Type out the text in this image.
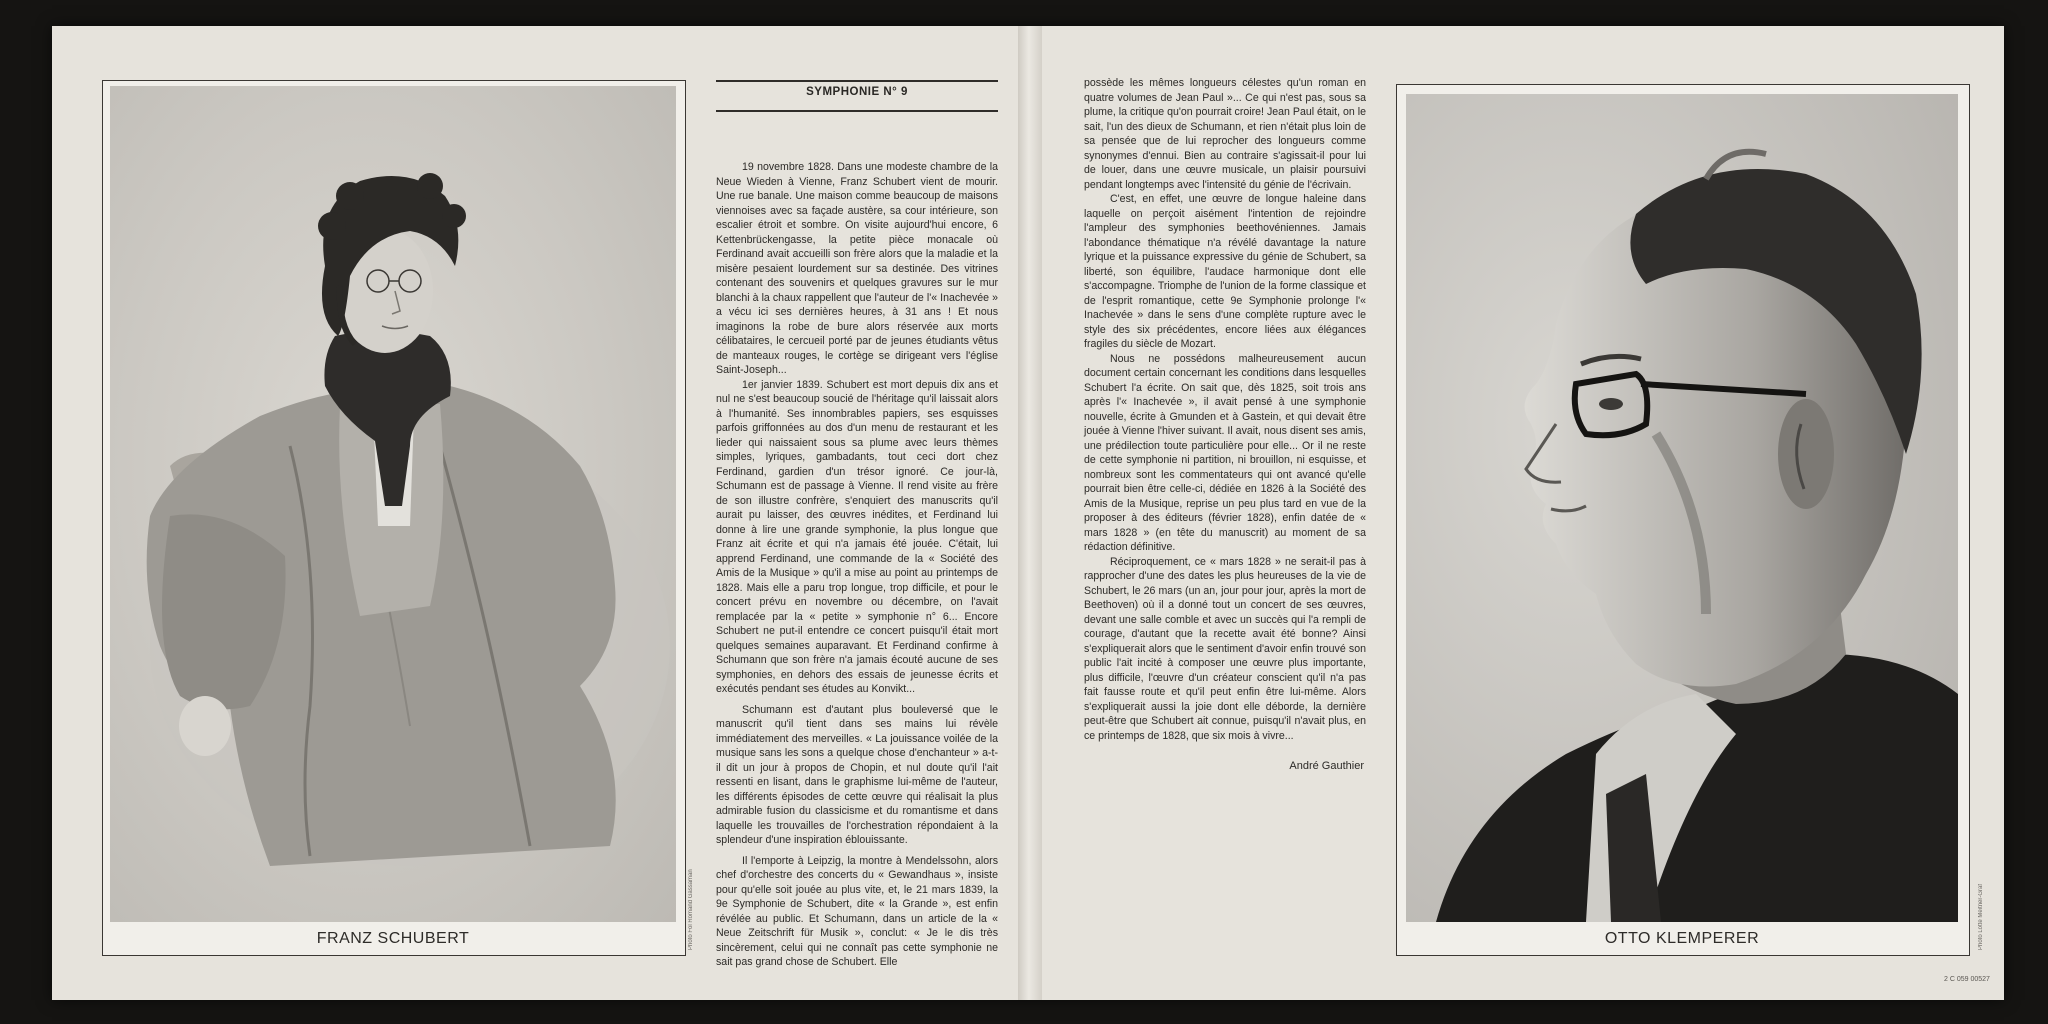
FRANZ SCHUBERT	Photo Fol Romand Gassaman
SYMPHONIE N° 9

19 novembre 1828. Dans une modeste chambre de la Neue Wieden à Vienne, Franz Schubert vient de mourir. Une rue banale. Une maison comme beaucoup de maisons viennoises avec sa façade austère, sa cour intérieure, son escalier étroit et sombre. On visite aujourd'hui encore, 6 Kettenbrückengasse, la petite pièce monacale où Ferdinand avait accueilli son frère alors que la maladie et la misère pesaient lourdement sur sa destinée. Des vitrines contenant des souvenirs et quelques gravures sur le mur blanchi à la chaux rappellent que l'auteur de l'« Inachevée » a vécu ici ses dernières heures, à 31 ans ! Et nous imaginons la robe de bure alors réservée aux morts célibataires, le cercueil porté par de jeunes étudiants vêtus de manteaux rouges, le cortège se dirigeant vers l'église Saint-Joseph...

1er janvier 1839. Schubert est mort depuis dix ans et nul ne s'est beaucoup soucié de l'héritage qu'il laissait alors à l'humanité. Ses innombrables papiers, ses esquisses parfois griffonnées au dos d'un menu de restaurant et les lieder qui naissaient sous sa plume avec leurs thèmes simples, lyriques, gambadants, tout ceci dort chez Ferdinand, gardien d'un trésor ignoré. Ce jour-là, Schumann est de passage à Vienne. Il rend visite au frère de son illustre confrère, s'enquiert des manuscrits qu'il aurait pu laisser, des œuvres inédites, et Ferdinand lui donne à lire une grande symphonie, la plus longue que Franz ait écrite et qui n'a jamais été jouée. C'était, lui apprend Ferdinand, une commande de la « Société des Amis de la Musique » qu'il a mise au point au printemps de 1828. Mais elle a paru trop longue, trop difficile, et pour le concert prévu en novembre ou décembre, on l'avait remplacée par la « petite » symphonie n° 6... Encore Schubert ne put-il entendre ce concert puisqu'il était mort quelques semaines auparavant. Et Ferdinand confirme à Schumann que son frère n'a jamais écouté aucune de ses symphonies, en dehors des essais de jeunesse écrits et exécutés pendant ses études au Konvikt...

Schumann est d'autant plus bouleversé que le manuscrit qu'il tient dans ses mains lui révèle immédiatement des merveilles. « La jouissance voilée de la musique sans les sons a quelque chose d'enchanteur » a-t-il dit un jour à propos de Chopin, et nul doute qu'il l'ait ressenti en lisant, dans le graphisme lui-même de l'auteur, les différents épisodes de cette œuvre qui réalisait la plus admirable fusion du classicisme et du romantisme et dans laquelle les trouvailles de l'orchestration répondaient à la splendeur d'une inspiration éblouissante.

Il l'emporte à Leipzig, la montre à Mendelssohn, alors chef d'orchestre des concerts du « Gewandhaus », insiste pour qu'elle soit jouée au plus vite, et, le 21 mars 1839, la 9e Symphonie de Schubert, dite « la Grande », est enfin révélée au public. Et Schumann, dans un article de la « Neue Zeitschrift für Musik », conclut: « Je le dis très sincèrement, celui qui ne connaît pas cette symphonie ne sait pas grand chose de Schubert. Elle

possède les mêmes longueurs célestes qu'un roman en quatre volumes de Jean Paul »... Ce qui n'est pas, sous sa plume, la critique qu'on pourrait croire! Jean Paul était, on le sait, l'un des dieux de Schumann, et rien n'était plus loin de sa pensée que de lui reprocher des longueurs comme synonymes d'ennui. Bien au contraire s'agissait-il pour lui de louer, dans une œuvre musicale, un plaisir poursuivi pendant longtemps avec l'intensité du génie de l'écrivain.

C'est, en effet, une œuvre de longue haleine dans laquelle on perçoit aisément l'intention de rejoindre l'ampleur des symphonies beethovéniennes. Jamais l'abondance thématique n'a révélé davantage la nature lyrique et la puissance expressive du génie de Schubert, sa liberté, son équilibre, l'audace harmonique dont elle s'accompagne. Triomphe de l'union de la forme classique et de l'esprit romantique, cette 9e Symphonie prolonge l'« Inachevée » dans le sens d'une complète rupture avec le style des six précédentes, encore liées aux élégances fragiles du siècle de Mozart.

Nous ne possédons malheureusement aucun document certain concernant les conditions dans lesquelles Schubert l'a écrite. On sait que, dès 1825, soit trois ans après l'« Inachevée », il avait pensé à une symphonie nouvelle, écrite à Gmunden et à Gastein, et qui devait être jouée à Vienne l'hiver suivant. Il avait, nous disent ses amis, une prédilection toute particulière pour elle... Or il ne reste de cette symphonie ni partition, ni brouillon, ni esquisse, et nombreux sont les commentateurs qui ont avancé qu'elle pourrait bien être celle-ci, dédiée en 1826 à la Société des Amis de la Musique, reprise un peu plus tard en vue de la proposer à des éditeurs (février 1828), enfin datée de « mars 1828 » (en tête du manuscrit) au moment de sa rédaction définitive.

Réciproquement, ce « mars 1828 » ne serait-il pas à rapprocher d'une des dates les plus heureuses de la vie de Schubert, le 26 mars (un an, jour pour jour, après la mort de Beethoven) où il a donné tout un concert de ses œuvres, devant une salle comble et avec un succès qui l'a rempli de courage, d'autant que la recette avait été bonne? Ainsi s'expliquerait alors que le sentiment d'avoir enfin trouvé son public l'ait incité à composer une œuvre plus importante, plus difficile, l'œuvre d'un créateur conscient qu'il n'a pas fait fausse route et qu'il peut enfin être lui-même. Alors s'expliquerait aussi la joie dont elle déborde, la dernière peut-être que Schubert ait connue, puisqu'il n'avait plus, en ce printemps de 1828, que six mois à vivre...

André Gauthier
OTTO KLEMPERER	Photo Lotte Meitner-Graf
2 C 059 00527
